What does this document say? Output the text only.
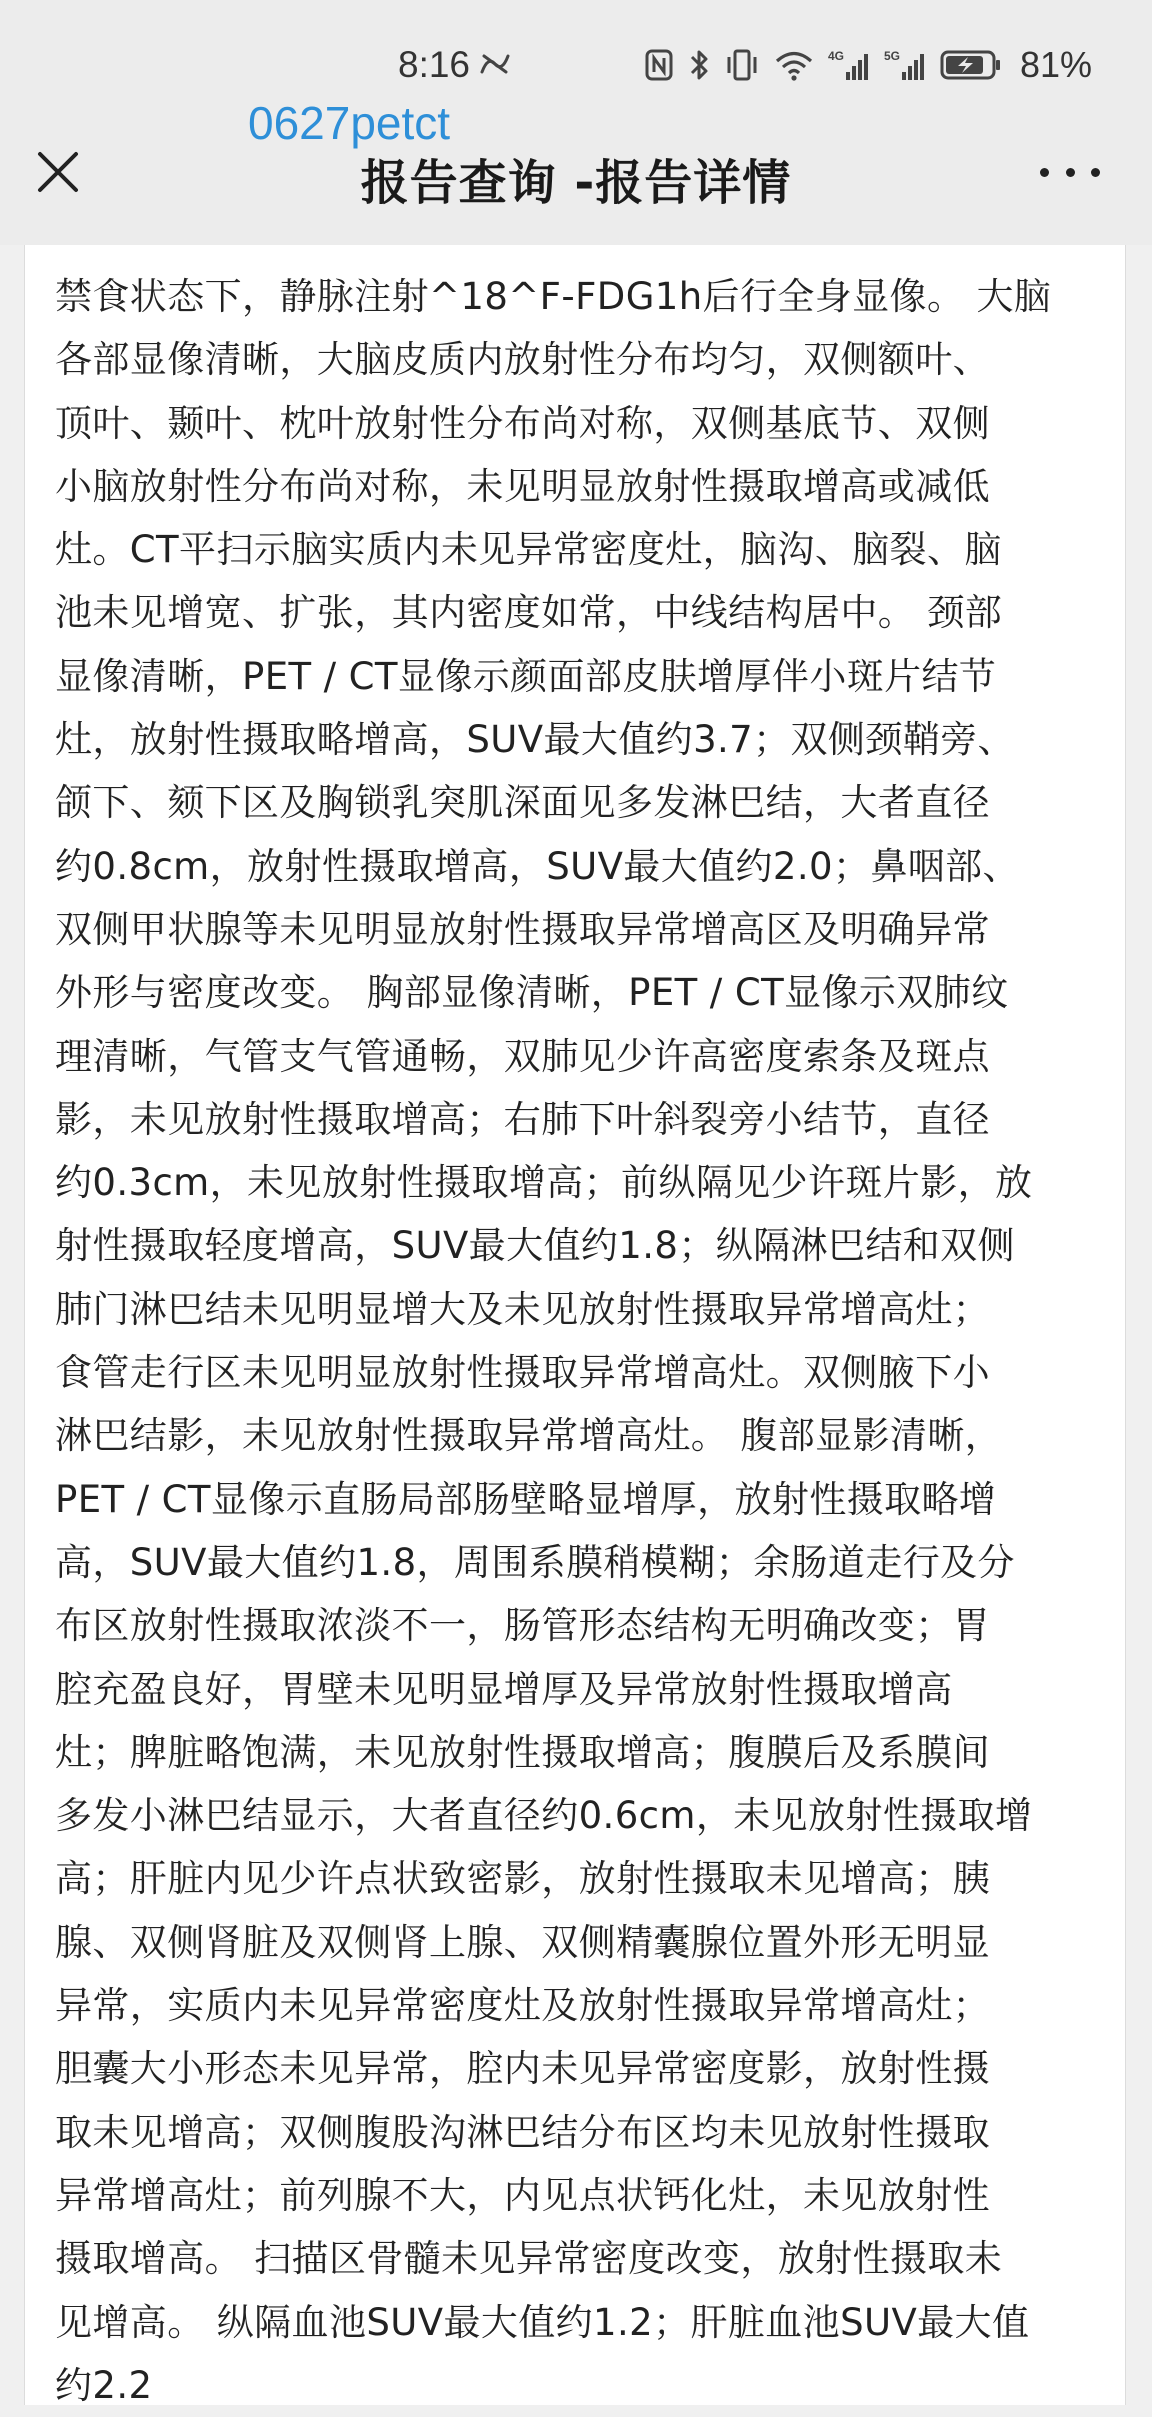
8:16	4G	5G	81%
报告查询 -报告详情
0627petct

禁食状态下，静脉注射^18^F-FDG1h后行全身显像。 大脑
各部显像清晰，大脑皮质内放射性分布均匀，双侧额叶、
顶叶、颞叶、枕叶放射性分布尚对称，双侧基底节、双侧
小脑放射性分布尚对称，未见明显放射性摄取增高或减低
灶。CT平扫示脑实质内未见异常密度灶，脑沟、脑裂、脑
池未见增宽、扩张，其内密度如常，中线结构居中。 颈部
显像清晰，PET / CT显像示颜面部皮肤增厚伴小斑片结节
灶，放射性摄取略增高，SUV最大值约3.7；双侧颈鞘旁、
颌下、颏下区及胸锁乳突肌深面见多发淋巴结，大者直径
约0.8cm，放射性摄取增高，SUV最大值约2.0；鼻咽部、
双侧甲状腺等未见明显放射性摄取异常增高区及明确异常
外形与密度改变。 胸部显像清晰，PET / CT显像示双肺纹
理清晰，气管支气管通畅，双肺见少许高密度索条及斑点
影，未见放射性摄取增高；右肺下叶斜裂旁小结节，直径
约0.3cm，未见放射性摄取增高；前纵隔见少许斑片影，放
射性摄取轻度增高，SUV最大值约1.8；纵隔淋巴结和双侧
肺门淋巴结未见明显增大及未见放射性摄取异常增高灶；
食管走行区未见明显放射性摄取异常增高灶。双侧腋下小
淋巴结影，未见放射性摄取异常增高灶。 腹部显影清晰，
PET / CT显像示直肠局部肠壁略显增厚，放射性摄取略增
高，SUV最大值约1.8，周围系膜稍模糊；余肠道走行及分
布区放射性摄取浓淡不一，肠管形态结构无明确改变；胃
腔充盈良好，胃壁未见明显增厚及异常放射性摄取增高
灶；脾脏略饱满，未见放射性摄取增高；腹膜后及系膜间
多发小淋巴结显示，大者直径约0.6cm，未见放射性摄取增
高；肝脏内见少许点状致密影，放射性摄取未见增高；胰
腺、双侧肾脏及双侧肾上腺、双侧精囊腺位置外形无明显
异常，实质内未见异常密度灶及放射性摄取异常增高灶；
胆囊大小形态未见异常，腔内未见异常密度影，放射性摄
取未见增高；双侧腹股沟淋巴结分布区均未见放射性摄取
异常增高灶；前列腺不大，内见点状钙化灶，未见放射性
摄取增高。 扫描区骨髓未见异常密度改变，放射性摄取未
见增高。 纵隔血池SUV最大值约1.2；肝脏血池SUV最大值
约2.2
